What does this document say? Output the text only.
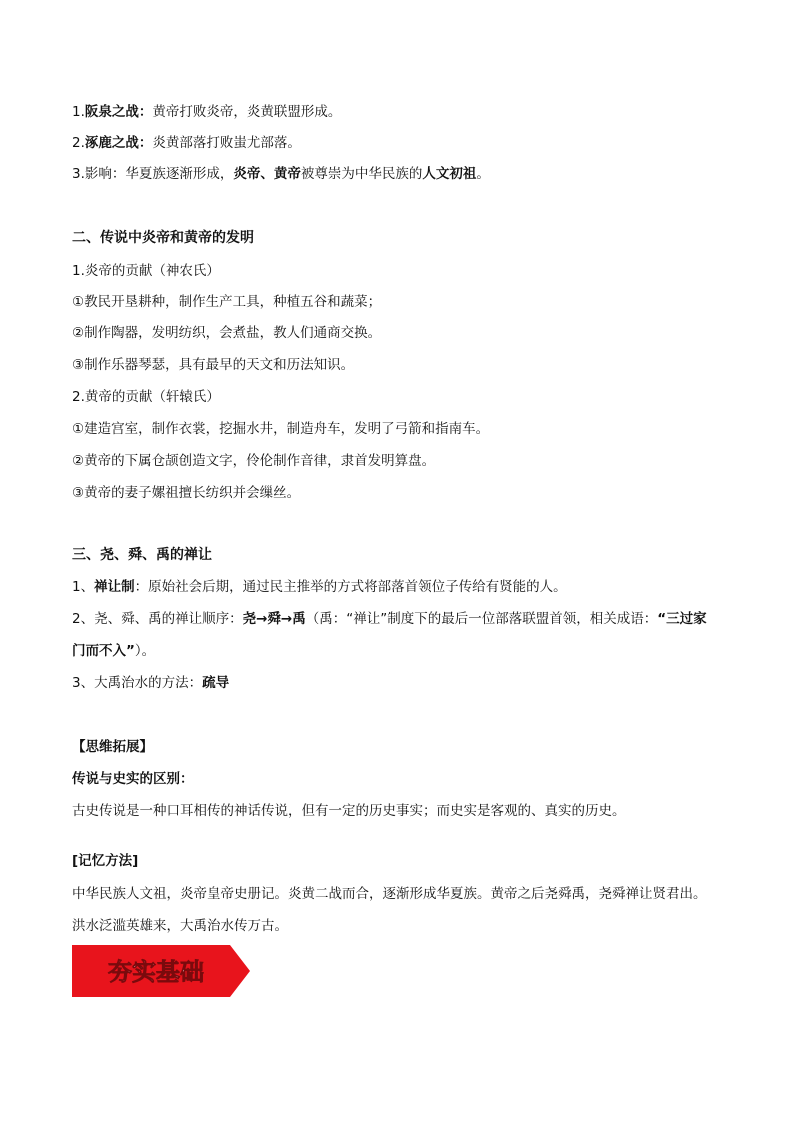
1.阪泉之战：黄帝打败炎帝，炎黄联盟形成。
2.涿鹿之战：炎黄部落打败蚩尤部落。
3.影响：华夏族逐渐形成，炎帝、黄帝被尊崇为中华民族的人文初祖。
二、传说中炎帝和黄帝的发明
1.炎帝的贡献（神农氏）
①教民开垦耕种，制作生产工具，种植五谷和蔬菜；
②制作陶器，发明纺织，会煮盐，教人们通商交换。
③制作乐器琴瑟，具有最早的天文和历法知识。
2.黄帝的贡献（轩辕氏）
①建造宫室，制作衣裳，挖掘水井，制造舟车，发明了弓箭和指南车。
②黄帝的下属仓颉创造文字，伶伦制作音律，隶首发明算盘。
③黄帝的妻子嫘祖擅长纺织并会缫丝。
三、尧、舜、禹的禅让
1、禅让制：原始社会后期，通过民主推举的方式将部落首领位子传给有贤能的人。
2、尧、舜、禹的禅让顺序：尧→舜→禹（禹：“禅让”制度下的最后一位部落联盟首领，相关成语：“三过家
门而不入”）。
3、大禹治水的方法：疏导
【思维拓展】
传说与史实的区别：
古史传说是一种口耳相传的神话传说，但有一定的历史事实；而史实是客观的、真实的历史。
[记忆方法]
中华民族人文祖，炎帝皇帝史册记。炎黄二战而合，逐渐形成华夏族。黄帝之后尧舜禹，尧舜禅让贤君出。
洪水泛滥英雄来，大禹治水传万古。
夯实基础
